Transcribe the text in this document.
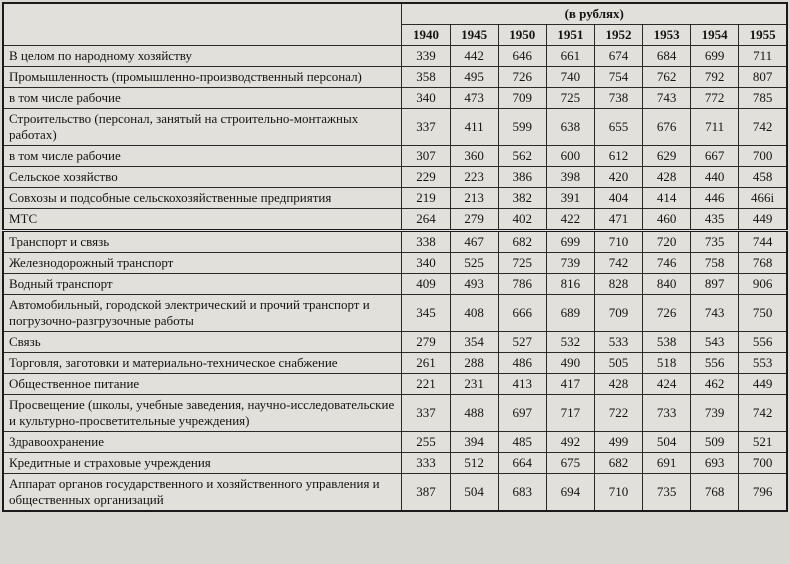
	(в рублях)							
	1940	1945	1950	1951	1952	1953	1954	1955
В целом по народному хозяйству	339	442	646	661	674	684	699	711
Промышленность (промышленно-производственный персонал)	358	495	726	740	754	762	792	807
в том числе рабочие	340	473	709	725	738	743	772	785
Строительство (персонал, занятый на строительно-монтажных работах)	337	411	599	638	655	676	711	742
в том числе рабочие	307	360	562	600	612	629	667	700
Сельское хозяйство	229	223	386	398	420	428	440	458
Совхозы и подсобные сельскохозяйственные предприятия	219	213	382	391	404	414	446	466i
МТС	264	279	402	422	471	460	435	449
Транспорт и связь	338	467	682	699	710	720	735	744
Железнодорожный транспорт	340	525	725	739	742	746	758	768
Водный транспорт	409	493	786	816	828	840	897	906
Автомобильный, городской электрический и прочий транспорт и погрузочно-разгрузочные работы	345	408	666	689	709	726	743	750
Связь	279	354	527	532	533	538	543	556
Торговля, заготовки и материально-техническое снабжение	261	288	486	490	505	518	556	553
Общественное питание	221	231	413	417	428	424	462	449
Просвещение (школы, учебные заведения, научно-исследовательские и культурно-просветительные учреждения)	337	488	697	717	722	733	739	742
Здравоохранение	255	394	485	492	499	504	509	521
Кредитные и страховые учреждения	333	512	664	675	682	691	693	700
Аппарат органов государственного и хозяйственного управления и общественных организаций	387	504	683	694	710	735	768	796
